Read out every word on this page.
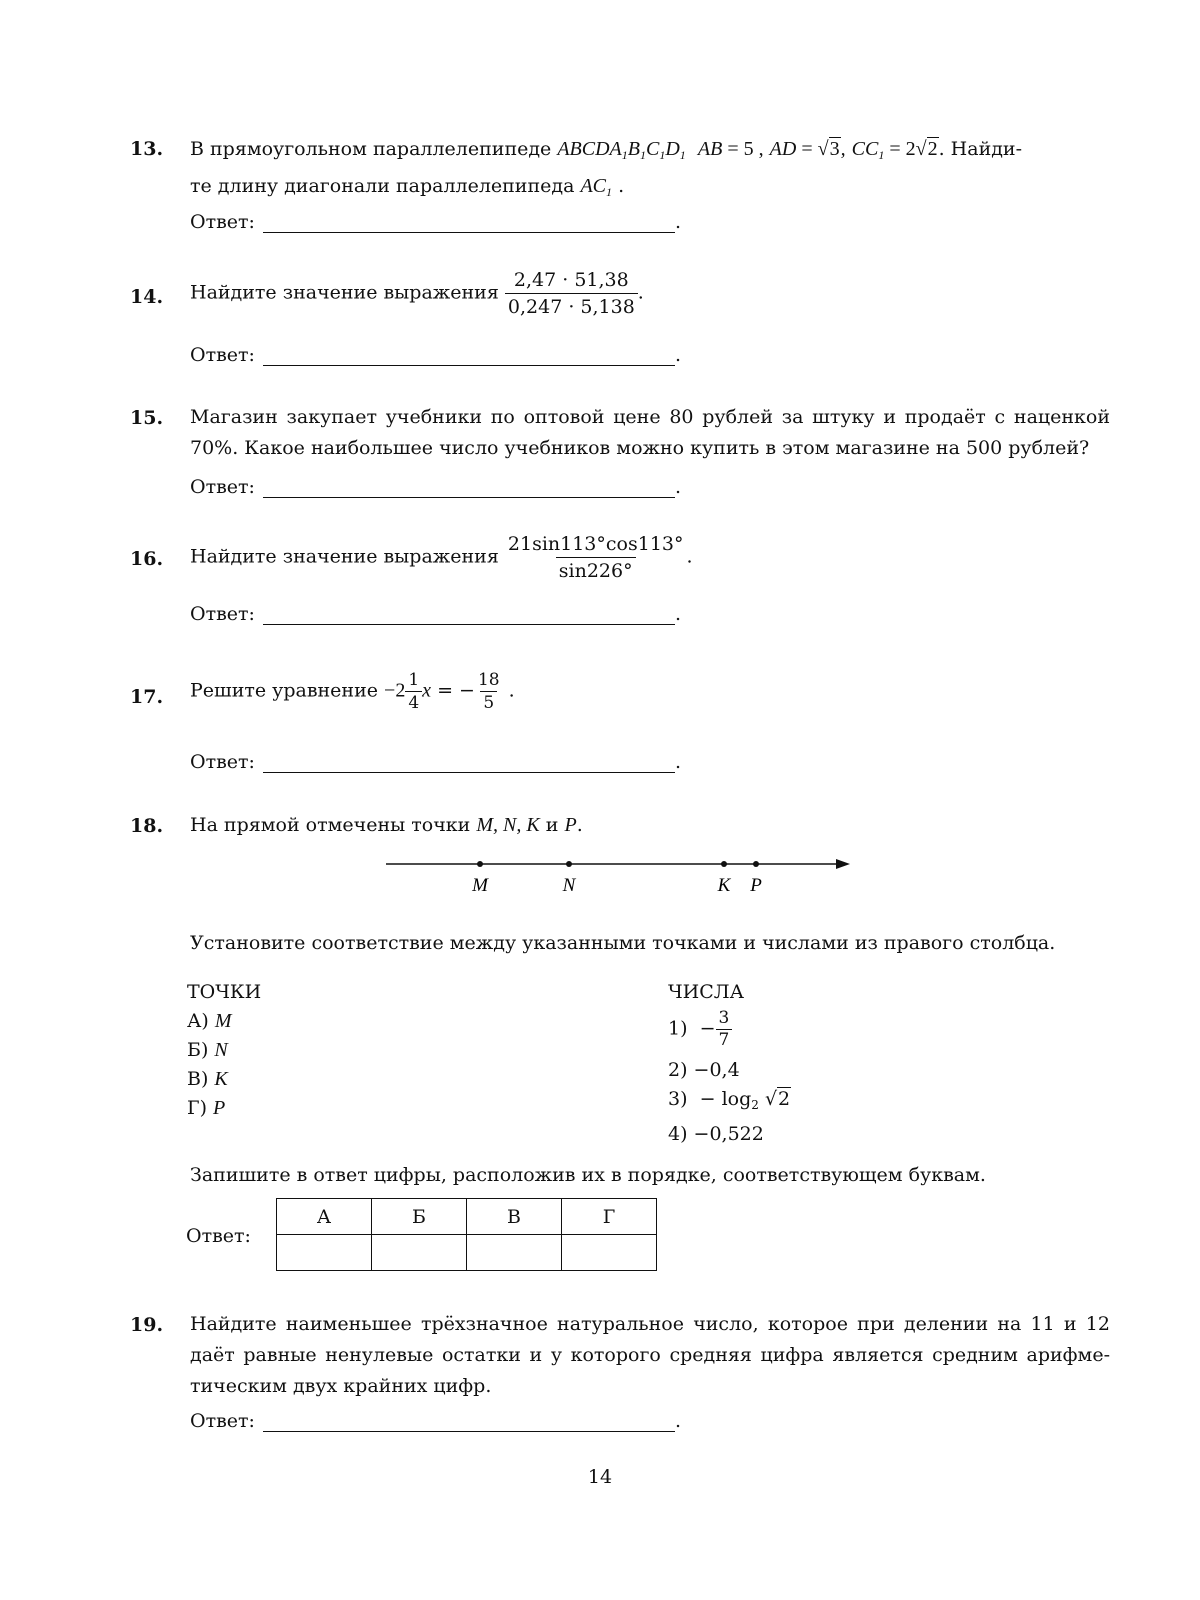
13. В прямоугольном параллелепипеде $ABCDA_1B_1C_1D_1$ AB = 5 , AD = √3, $CC_1 = 2√2$. Найди-
те длину диагонали параллелепипеда $AC_1$ .
Ответ:	.
14. Найдите значение выражения $\frac{2,47 \cdot 51,38}{0,247 \cdot 5,138}$ .
Ответ:	.
15. Магазин закупает учебники по оптовой цене 80 рублей за штуку и продаёт с наценкой 70%. Какое наибольшее число учебников можно купить в этом магазине на 500 рублей?
Ответ:	.
16. Найдите значение выражения $\frac{21\sin 113^\circ\cos 113^\circ}{\sin 226^\circ}$ .
Ответ:	.
17. Решите уравнение $-2 \frac{1}{4}$ x = − $\frac{18}{5}$ .
Ответ:	.
18. На прямой отмечены точки M, N, K и P.
M	N	K P
Установите соответствие между указанными точками и числами из правого столбца.
ТОЧКИ
А) M
Б) N
В) K
Г) P
ЧИСЛА
$1) - \frac{3}{7}$
2) −0,4
$3) - \log_2 √2$
4) −0,522
Запишите в ответ цифры, расположив их в порядке, соответствующем буквам.
Ответ:
А	Б	В	Г

19. Найдите наименьшее трёхзначное натуральное число, которое при делении на 11 и 12 даёт равные ненулевые остатки и у которого средняя цифра является средним арифме-тическим двух крайних цифр.
Ответ:	.
14
